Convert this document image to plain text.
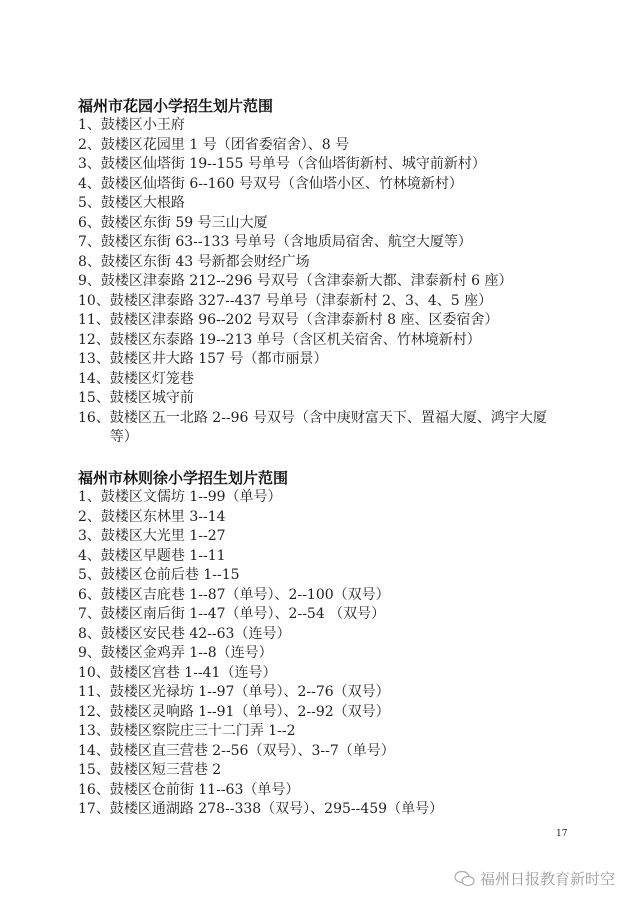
福州市花园小学招生划片范围
1、 鼓楼区小王府
2、 鼓楼区花园里 1 号（团省委宿舍）、8 号
3、 鼓楼区仙塔街 19--155 号单号（含仙塔街新村、城守前新村）
4、 鼓楼区仙塔街 6--160 号双号（含仙塔小区、竹林境新村）
5、 鼓楼区大根路
6、 鼓楼区东街 59 号三山大厦
7、 鼓楼区东街 63--133 号单号（含地质局宿舍、航空大厦等）
8、 鼓楼区东街 43 号新都会财经广场
9、 鼓楼区津泰路 212--296 号双号（含津泰新大都、津泰新村 6 座）
10、 鼓楼区津泰路 327--437 号单号（津泰新村 2、3、4、5 座）
11、 鼓楼区津泰路 96--202 号双号（含津泰新村 8 座、区委宿舍）
12、 鼓楼区东泰路 19--213 单号（含区机关宿舍、竹林境新村）
13、 鼓楼区井大路 157 号（都市丽景）
14、 鼓楼区灯笼巷
15、 鼓楼区城守前
16、 鼓楼区五一北路 2--96 号双号（含中庚财富天下、置福大厦、鸿宇大厦等）
福州市林则徐小学招生划片范围
1、 鼓楼区文儒坊 1--99（单号）
2、 鼓楼区东林里 3--14
3、 鼓楼区大光里 1--27
4、 鼓楼区早题巷 1--11
5、 鼓楼区仓前后巷 1--15
6、 鼓楼区吉庇巷 1--87（单号）、2--100（双号）
7、 鼓楼区南后街 1--47（单号）、2--54 （双号）
8、 鼓楼区安民巷 42--63（连号）
9、 鼓楼区金鸡弄 1--8（连号）
10、 鼓楼区宫巷 1--41（连号）
11、 鼓楼区光禄坊 1--97（单号）、2--76（双号）
12、 鼓楼区灵响路 1--91（单号）、2--92（双号）
13、 鼓楼区察院庄三十二门弄 1--2
14、 鼓楼区直三营巷 2--56（双号）、3--7（单号）
15、 鼓楼区短三营巷 2
16、 鼓楼区仓前街 11--63（单号）
17、 鼓楼区通湖路 278--338（双号）、295--459（单号）
17
福州日报教育新时空
